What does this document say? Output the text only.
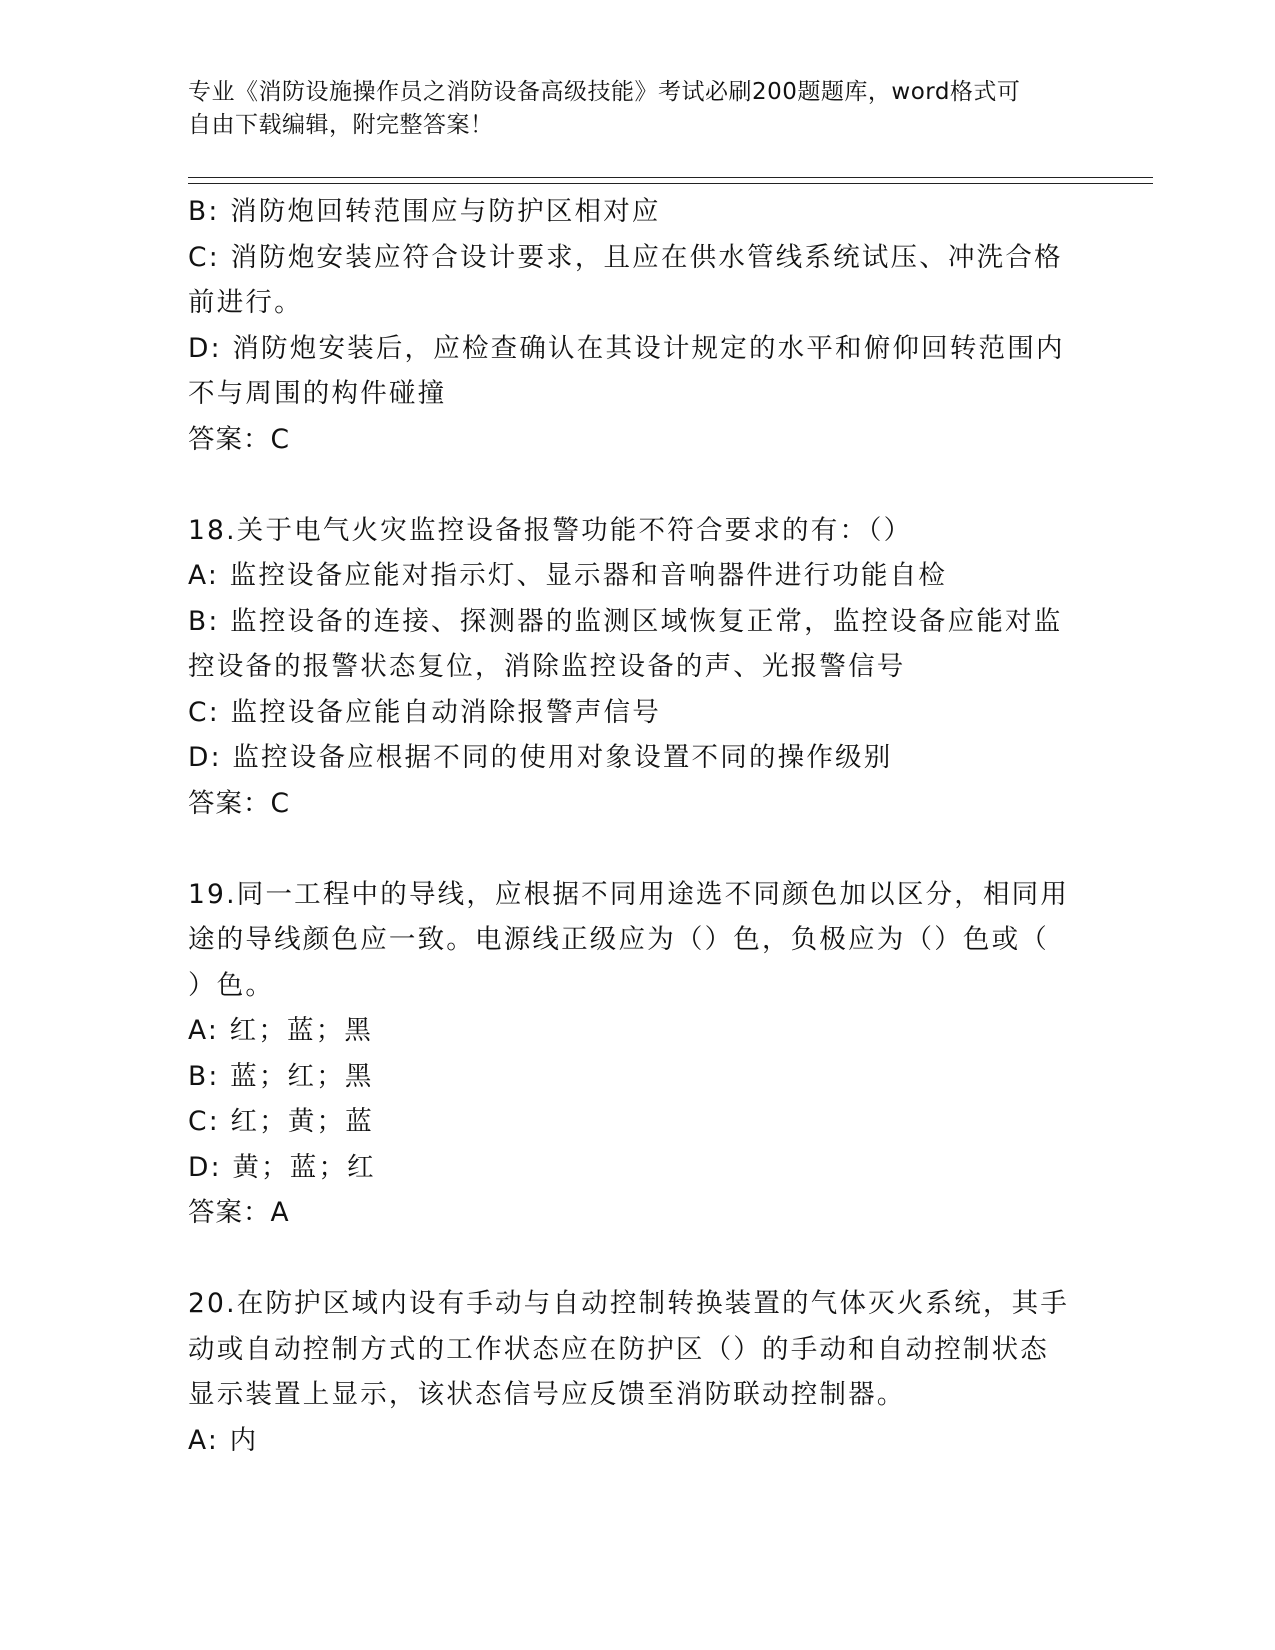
专业《消防设施操作员之消防设备高级技能》考试必刷200题题库，word格式可
自由下载编辑，附完整答案！
B: 消防炮回转范围应与防护区相对应
C: 消防炮安装应符合设计要求，且应在供水管线系统试压、冲洗合格
前进行。
D: 消防炮安装后，应检查确认在其设计规定的水平和俯仰回转范围内
不与周围的构件碰撞
答案：C
18.关于电气火灾监控设备报警功能不符合要求的有：（）
A: 监控设备应能对指示灯、显示器和音响器件进行功能自检
B: 监控设备的连接、探测器的监测区域恢复正常，监控设备应能对监
控设备的报警状态复位，消除监控设备的声、光报警信号
C: 监控设备应能自动消除报警声信号
D: 监控设备应根据不同的使用对象设置不同的操作级别
答案：C
19.同一工程中的导线，应根据不同用途选不同颜色加以区分，相同用
途的导线颜色应一致。电源线正级应为（）色，负极应为（）色或（
）色。
A: 红；蓝；黑
B: 蓝；红；黑
C: 红；黄；蓝
D: 黄；蓝；红
答案：A
20.在防护区域内设有手动与自动控制转换装置的气体灭火系统，其手
动或自动控制方式的工作状态应在防护区（）的手动和自动控制状态
显示装置上显示，该状态信号应反馈至消防联动控制器。
A: 内
